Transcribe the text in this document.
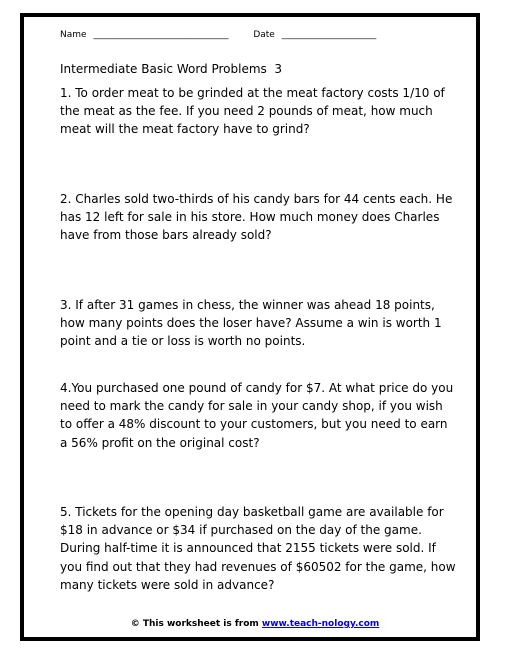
Name ______________________________	Date _____________________
Intermediate Basic Word Problems  3
1. To order meat to be grinded at the meat factory costs 1/10 of
the meat as the fee. If you need 2 pounds of meat, how much
meat will the meat factory have to grind?
2. Charles sold two-thirds of his candy bars for 44 cents each. He
has 12 left for sale in his store. How much money does Charles
have from those bars already sold?
3. If after 31 games in chess, the winner was ahead 18 points,
how many points does the loser have? Assume a win is worth 1
point and a tie or loss is worth no points.
4.You purchased one pound of candy for $7. At what price do you
need to mark the candy for sale in your candy shop, if you wish
to offer a 48% discount to your customers, but you need to earn
a 56% profit on the original cost?
5. Tickets for the opening day basketball game are available for
$18 in advance or $34 if purchased on the day of the game.
During half-time it is announced that 2155 tickets were sold. If
you find out that they had revenues of $60502 for the game, how
many tickets were sold in advance?
© This worksheet is from www.teach-nology.com
